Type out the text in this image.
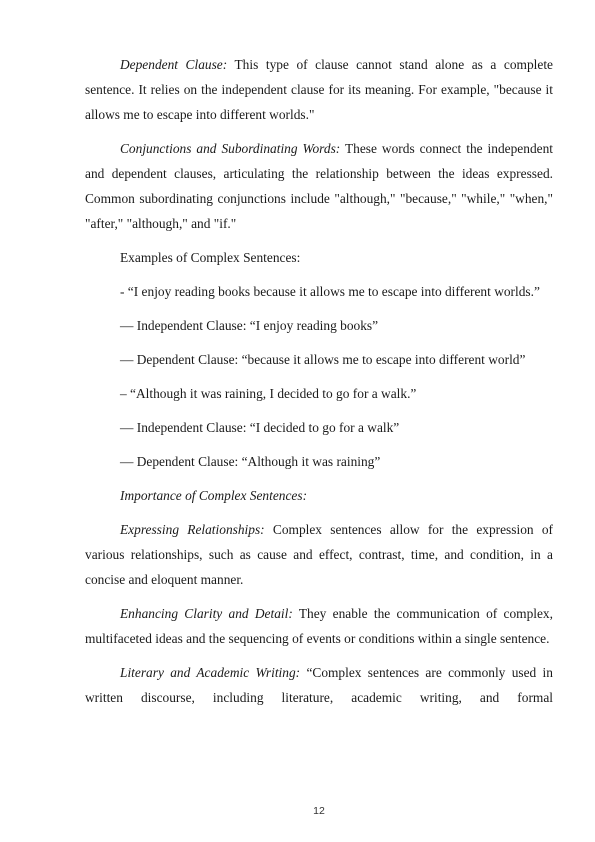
Dependent Clause: This type of clause cannot stand alone as a complete sentence. It relies on the independent clause for its meaning. For example, "because it allows me to escape into different worlds."

Conjunctions and Subordinating Words: These words connect the independent and dependent clauses, articulating the relationship between the ideas expressed. Common subordinating conjunctions include "although," "because," "while," "when," "after," "although," and "if."

Examples of Complex Sentences:

- “I enjoy reading books because it allows me to escape into different worlds.”

— Independent Clause: “I enjoy reading books”

— Dependent Clause: “because it allows me to escape into different world”

– “Although it was raining, I decided to go for a walk.”

— Independent Clause: “I decided to go for a walk”

— Dependent Clause: “Although it was raining”

Importance of Complex Sentences:

Expressing Relationships: Complex sentences allow for the expression of various relationships, such as cause and effect, contrast, time, and condition, in a concise and eloquent manner.

Enhancing Clarity and Detail: They enable the communication of complex, multifaceted ideas and the sequencing of events or conditions within a single sentence.

Literary and Academic Writing: “Complex sentences are commonly used in written discourse, including literature, academic writing, and formal

12
